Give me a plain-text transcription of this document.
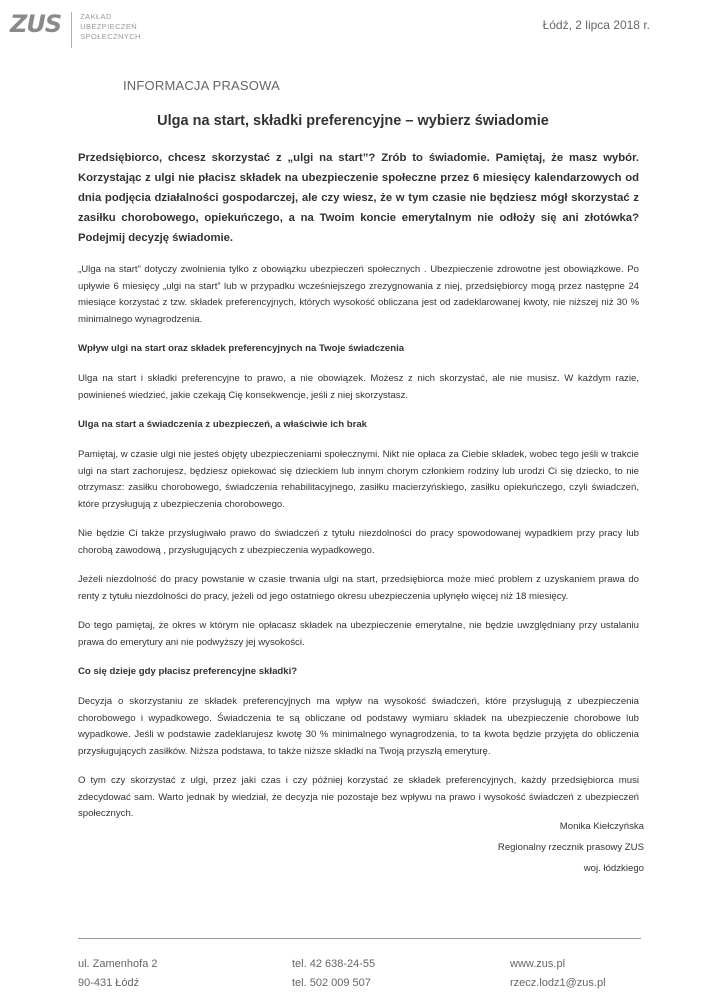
ZUS	ZAKŁAD
UBEZPIECZEŃ
SPOŁECZNYCH
Łódź, 2 lipca 2018 r.
INFORMACJA PRASOWA
Ulga na start, składki preferencyjne – wybierz świadomie

Przedsiębiorco, chcesz skorzystać z „ulgi na start”? Zrób to świadomie. Pamiętaj, że masz wybór. Korzystając z ulgi nie płacisz składek na ubezpieczenie społeczne przez 6 miesięcy kalendarzowych od dnia podjęcia działalności gospodarczej, ale czy wiesz, że w tym czasie nie będziesz mógł skorzystać z zasiłku chorobowego, opiekuńczego, a na Twoim koncie emerytalnym nie odłoży się ani złotówka? Podejmij decyzję świadomie.

„Ulga na start” dotyczy zwolnienia tylko z obowiązku ubezpieczeń społecznych . Ubezpieczenie zdrowotne jest obowiązkowe. Po upływie 6 miesięcy „ulgi na start” lub w przypadku wcześniejszego zrezygnowania z niej, przedsiębiorcy mogą przez następne 24 miesiące korzystać z tzw. składek preferencyjnych, których wysokość obliczana jest od zadeklarowanej kwoty, nie niższej niż 30 % minimalnego wynagrodzenia.

Wpływ ulgi na start oraz składek preferencyjnych na Twoje świadczenia

Ulga na start i składki preferencyjne to prawo, a nie obowiązek. Możesz z nich skorzystać, ale nie musisz. W każdym razie, powinieneś wiedzieć, jakie czekają Cię konsekwencje, jeśli z niej skorzystasz.

Ulga na start a świadczenia z ubezpieczeń, a właściwie ich brak

Pamiętaj, w czasie ulgi nie jesteś objęty ubezpieczeniami społecznymi. Nikt nie opłaca za Ciebie składek, wobec tego jeśli w trakcie ulgi na start zachorujesz, będziesz opiekować się dzieckiem lub innym chorym członkiem rodziny lub urodzi Ci się dziecko, to nie otrzymasz: zasiłku chorobowego, świadczenia rehabilitacyjnego, zasiłku macierzyńskiego, zasiłku opiekuńczego, czyli świadczeń, które przysługują z ubezpieczenia chorobowego.

Nie będzie Ci także przysługiwało prawo do świadczeń z tytułu niezdolności do pracy spowodowanej wypadkiem przy pracy lub chorobą zawodową , przysługujących z ubezpieczenia wypadkowego.

Jeżeli niezdolność do pracy powstanie w czasie trwania ulgi na start, przedsiębiorca może mieć problem z uzyskaniem prawa do renty z tytułu niezdolności do pracy, jeżeli od jego ostatniego okresu ubezpieczenia upłynęło więcej niż 18 miesięcy.

Do tego pamiętaj, że okres w którym nie opłacasz składek na ubezpieczenie emerytalne, nie będzie uwzględniany przy ustalaniu prawa do emerytury ani nie podwyższy jej wysokości.

Co się dzieje gdy płacisz preferencyjne składki?

Decyzja o skorzystaniu ze składek preferencyjnych ma wpływ na wysokość świadczeń, które przysługują z ubezpieczenia chorobowego i wypadkowego. Świadczenia te są obliczane od podstawy wymiaru składek na ubezpieczenie chorobowe lub wypadkowe. Jeśli w podstawie zadeklarujesz kwotę 30 % minimalnego wynagrodzenia, to ta kwota będzie przyjęta do obliczenia przysługujących zasiłków. Niższa podstawa, to także niższe składki na Twoją przyszłą emeryturę.

O tym czy skorzystać z ulgi, przez jaki czas i czy później korzystać ze składek preferencyjnych, każdy przedsiębiorca musi zdecydować sam. Warto jednak by wiedział, że decyzja nie pozostaje bez wpływu na prawo i wysokość świadczeń z ubezpieczeń społecznych.

Monika Kiełczyńska
Regionalny rzecznik prasowy ZUS
woj. łódzkiego
ul. Zamenhofa 2
90-431 Łódź
tel. 42 638-24-55
tel. 502 009 507
www.zus.pl
rzecz.lodz1@zus.pl
